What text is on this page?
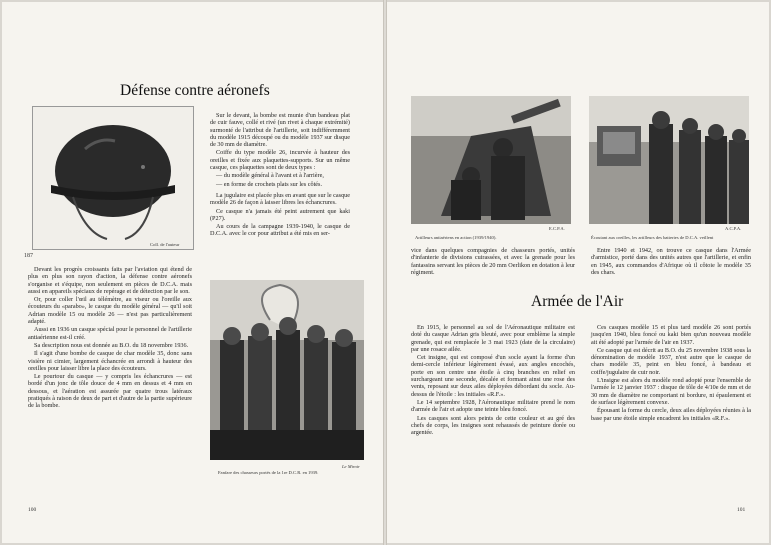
Coll. de l'auteur
187
Défense contre aéronefs

Sur le devant, la bombe est munie d'un bandeau plat de cuir fauve, collé et rivé (un rivet à chaque extrémité) surmonté de l'attribut de l'artillerie, soit indifféremment du modèle 1915 découpé ou du modèle 1937 sur disque de 30 mm de diamètre.

Coiffe du type modèle 26, incurvée à hauteur des oreilles et fixée aux plaquettes-supports. Sur un même casque, ces plaquettes sont de deux types :

— du modèle général à l'avant et à l'arrière,

— en forme de crochets plats sur les côtés.

La jugulaire est placée plus en avant que sur le casque modèle 26 de façon à laisser libres les échancrures.

Ce casque n'a jamais été peint autrement que kaki (P27).

Au cours de la campagne 1939-1940, le casque de D.C.A. avec le cor pour attribut a été mis en ser-

Devant les progrès croissants faits par l'aviation qui étend de plus en plus son rayon d'action, la défense contre aéronefs s'organise et s'équipe, non seulement en pièces de D.C.A. mais aussi en appareils spéciaux de repérage et de détection par le son.

Or, pour coller l'œil au télémètre, au viseur ou l'oreille aux écouteurs du «parabo», le casque du modèle général — qu'il soit Adrian modèle 15 ou modèle 26 — n'est pas particulièrement adapté.

Aussi en 1936 un casque spécial pour le personnel de l'artillerie antiaérienne est-il créé.

Sa description nous est donnée au B.O. du 18 novembre 1936.

Il s'agit d'une bombe de casque de char modèle 35, donc sans visière ni cimier, largement échancrée en arrondi à hauteur des oreilles pour laisser libre la place des écouteurs.

Le pourtour du casque — y compris les échancrures — est bordé d'un jonc de tôle douce de 4 mm en dessus et 4 mm en dessous, et l'aération est assurée par quatre trous latéraux pratiqués à raison de deux de part et d'autre de la partie supérieure de la bombe.

Le Miroir
Fanfare des chasseurs portés de la 1re D.C.R. en 1939.
100
E.C.P.A.
Artilleurs antiaériens en action (1939/1940).
A.C.P.A.
Écoutant aux oreilles, les artilleurs des batteries de D.C.A. veillent

vice dans quelques compagnies de chasseurs portés, unités d'infanterie de divisions cuirassées, et avec la grenade pour les fantassins servant les pièces de 20 mm Oerlikon en dotation à leur régiment.

Entre 1940 et 1942, on trouve ce casque dans l'Armée d'armistice, porté dans des unités autres que l'artillerie, et enfin en 1945, aux commandos d'Afrique où il côtoie le modèle 35 des chars.

Armée de l'Air

En 1915, le personnel au sol de l'Aéronautique militaire est doté du casque Adrian gris bleuté, avec pour emblème la simple grenade, qui est remplacée le 3 mai 1923 (date de la circulaire) par une rosace ailée.

Cet insigne, qui est composé d'un socle ayant la forme d'un demi-cercle inférieur légèrement évasé, aux angles encochés, porte en son centre une étoile à cinq branches en relief en surchargeant une seconde, décalée et formant ainsi une rose des vents, reposant sur deux ailes déployées débordant du socle. Au-dessus de l'étoile : les initiales «R.F.».

Le 14 septembre 1928, l'Aéronautique militaire prend le nom d'armée de l'air et adopte une teinte bleu foncé.

Les casques sont alors peints de cette couleur et au gré des chefs de corps, les insignes sont rehaussés de peinture dorée ou argentée.

Ces casques modèle 15 et plus tard modèle 26 sont portés jusqu'en 1940, bleu foncé ou kaki bien qu'un nouveau modèle ait été adopté par l'armée de l'air en 1937.

Ce casque qui est décrit au B.O. du 25 novembre 1938 sous la dénomination de modèle 1937, n'est autre que le casque de chars modèle 35, peint en bleu foncé, à bandeau et coiffe/jugulaire de cuir noir.

L'insigne est alors du modèle rond adopté pour l'ensemble de l'armée le 12 janvier 1937 : disque de tôle de 4/10e de mm et de 30 mm de diamètre ne comportant ni bordure, ni épaulement et de surface légèrement convexe.

Épousant la forme du cercle, deux ailes déployées réunies à la base par une étoile simple encadrent les initiales «R.F.».

101
